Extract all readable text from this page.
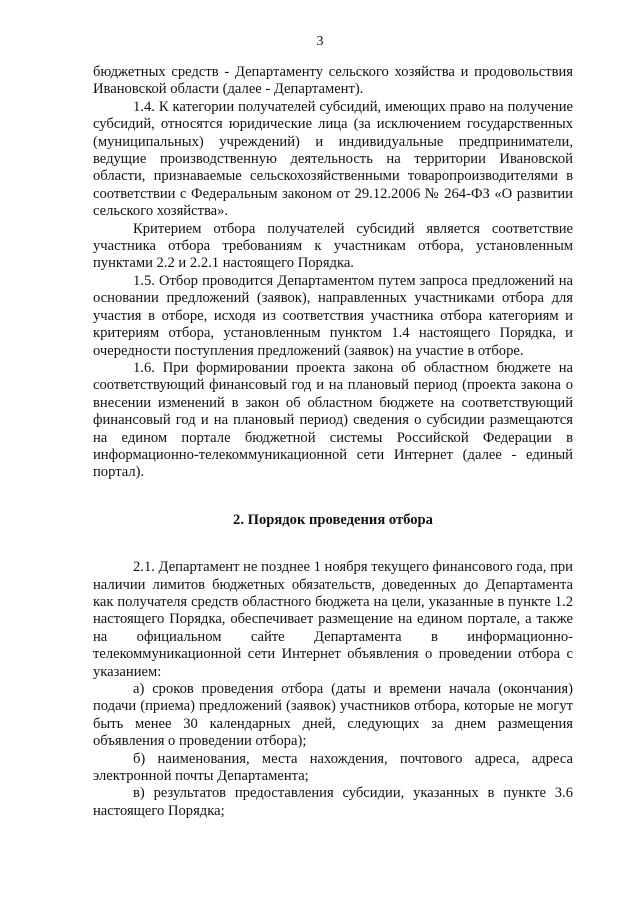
3

бюджетных средств - Департаменту сельского хозяйства и продовольствия Ивановской области (далее - Департамент).

1.4. К категории получателей субсидий, имеющих право на получение субсидий, относятся юридические лица (за исключением государственных (муниципальных) учреждений) и индивидуальные предприниматели, ведущие производственную деятельность на территории Ивановской области, признаваемые сельскохозяйственными товаропроизводителями в соответствии с Федеральным законом от 29.12.2006 № 264-ФЗ «О развитии сельского хозяйства».

Критерием отбора получателей субсидий является соответствие участника отбора требованиям к участникам отбора, установленным пунктами 2.2 и 2.2.1 настоящего Порядка.

1.5. Отбор проводится Департаментом путем запроса предложений на основании предложений (заявок), направленных участниками отбора для участия в отборе, исходя из соответствия участника отбора категориям и критериям отбора, установленным пунктом 1.4 настоящего Порядка, и очередности поступления предложений (заявок) на участие в отборе.

1.6. При формировании проекта закона об областном бюджете на соответствующий финансовый год и на плановый период (проекта закона о внесении изменений в закон об областном бюджете на соответствующий финансовый год и на плановый период) сведения о субсидии размещаются на едином портале бюджетной системы Российской Федерации в информационно-телекоммуникационной сети Интернет (далее - единый портал).

2. Порядок проведения отбора

2.1. Департамент не позднее 1 ноября текущего финансового года, при наличии лимитов бюджетных обязательств, доведенных до Департамента как получателя средств областного бюджета на цели, указанные в пункте 1.2 настоящего Порядка, обеспечивает размещение на едином портале, а также на официальном сайте Департамента в информационно-телекоммуникационной сети Интернет объявления о проведении отбора с указанием:

а) сроков проведения отбора (даты и времени начала (окончания) подачи (приема) предложений (заявок) участников отбора, которые не могут быть менее 30 календарных дней, следующих за днем размещения объявления о проведении отбора);

б) наименования, места нахождения, почтового адреса, адреса электронной почты Департамента;

в) результатов предоставления субсидии, указанных в пункте 3.6 настоящего Порядка;
